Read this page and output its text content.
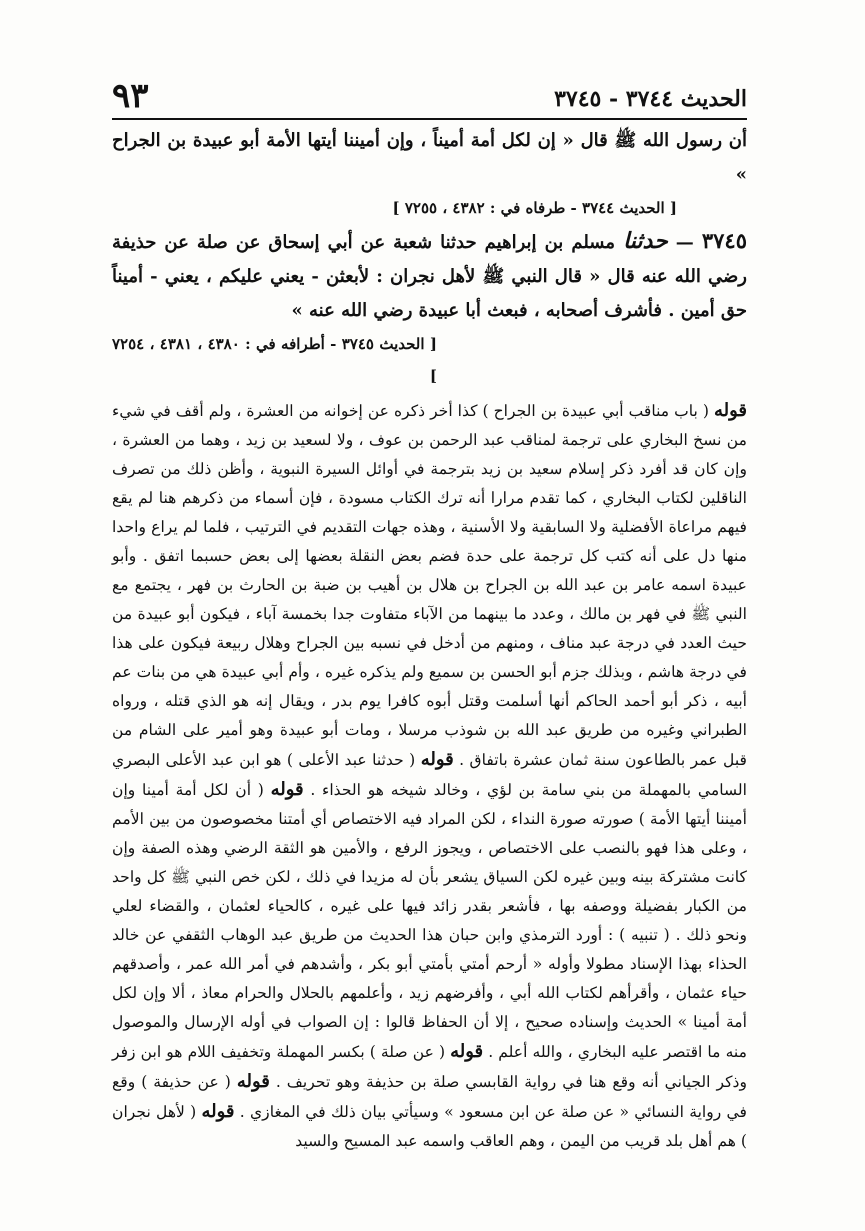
الحديث ٣٧٤٤ - ٣٧٤٥
٩٣

أن رسول الله ﷺ قال « إن لكل أمة أميناً ، وإن أميننا أيتها الأمة أبو عبيدة بن الجراح »

[ الحديث ٣٧٤٤ - طرفاه في : ٤٣٨٢ ، ٧٢٥٥ ]

٣٧٤٥ — حدثنا مسلم بن إبراهيم حدثنا شعبة عن أبي إسحاق عن صلة عن حذيفة رضي الله عنه قال « قال النبي ﷺ لأهل نجران : لأبعثن - يعني عليكم ، يعني - أميناً حق أمين . فأشرف أصحابه ، فبعث أبا عبيدة رضي الله عنه »

[ الحديث ٣٧٤٥ - أطرافه في : ٤٣٨٠ ، ٤٣٨١ ، ٧٢٥٤ ]

قوله ( باب مناقب أبي عبيدة بن الجراح ) كذا أخر ذكره عن إخوانه من العشرة ، ولم أقف في شيء من نسخ البخاري على ترجمة لمناقب عبد الرحمن بن عوف ، ولا لسعيد بن زيد ، وهما من العشرة ، وإن كان قد أفرد ذكر إسلام سعيد بن زيد بترجمة في أوائل السيرة النبوية ، وأظن ذلك من تصرف الناقلين لكتاب البخاري ، كما تقدم مرارا أنه ترك الكتاب مسودة ، فإن أسماء من ذكرهم هنا لم يقع فيهم مراعاة الأفضلية ولا السابقية ولا الأسنية ، وهذه جهات التقديم في الترتيب ، فلما لم يراع واحدا منها دل على أنه كتب كل ترجمة على حدة فضم بعض النقلة بعضها إلى بعض حسبما اتفق . وأبو عبيدة اسمه عامر بن عبد الله بن الجراح بن هلال بن أهيب بن ضبة بن الحارث بن فهر ، يجتمع مع النبي ﷺ في فهر بن مالك ، وعدد ما بينهما من الآباء متفاوت جدا بخمسة آباء ، فيكون أبو عبيدة من حيث العدد في درجة عبد مناف ، ومنهم من أدخل في نسبه بين الجراح وهلال ربيعة فيكون على هذا في درجة هاشم ، وبذلك جزم أبو الحسن بن سميع ولم يذكره غيره ، وأم أبي عبيدة هي من بنات عم أبيه ، ذكر أبو أحمد الحاكم أنها أسلمت وقتل أبوه كافرا يوم بدر ، ويقال إنه هو الذي قتله ، ورواه الطبراني وغيره من طريق عبد الله بن شوذب مرسلا ، ومات أبو عبيدة وهو أمير على الشام من قبل عمر بالطاعون سنة ثمان عشرة باتفاق . قوله ( حدثنا عبد الأعلى ) هو ابن عبد الأعلى البصري السامي بالمهملة من بني سامة بن لؤي ، وخالد شيخه هو الحذاء . قوله ( أن لكل أمة أمينا وإن أميننا أيتها الأمة ) صورته صورة النداء ، لكن المراد فيه الاختصاص أي أمتنا مخصوصون من بين الأمم ، وعلى هذا فهو بالنصب على الاختصاص ، ويجوز الرفع ، والأمين هو الثقة الرضي وهذه الصفة وإن كانت مشتركة بينه وبين غيره لكن السياق يشعر بأن له مزيدا في ذلك ، لكن خص النبي ﷺ كل واحد من الكبار بفضيلة ووصفه بها ، فأشعر بقدر زائد فيها على غيره ، كالحياء لعثمان ، والقضاء لعلي ونحو ذلك . ( تنبيه ) : أورد الترمذي وابن حبان هذا الحديث من طريق عبد الوهاب الثقفي عن خالد الحذاء بهذا الإسناد مطولا وأوله « أرحم أمتي بأمتي أبو بكر ، وأشدهم في أمر الله عمر ، وأصدقهم حياء عثمان ، وأقرأهم لكتاب الله أبي ، وأفرضهم زيد ، وأعلمهم بالحلال والحرام معاذ ، ألا وإن لكل أمة أمينا » الحديث وإسناده صحيح ، إلا أن الحفاظ قالوا : إن الصواب في أوله الإرسال والموصول منه ما اقتصر عليه البخاري ، والله أعلم . قوله ( عن صلة ) بكسر المهملة وتخفيف اللام هو ابن زفر وذكر الجياني أنه وقع هنا في رواية القابسي صلة بن حذيفة وهو تحريف . قوله ( عن حذيفة ) وقع في رواية النسائي « عن صلة عن ابن مسعود » وسيأتي بيان ذلك في المغازي . قوله ( لأهل نجران ) هم أهل بلد قريب من اليمن ، وهم العاقب واسمه عبد المسيح والسيد
